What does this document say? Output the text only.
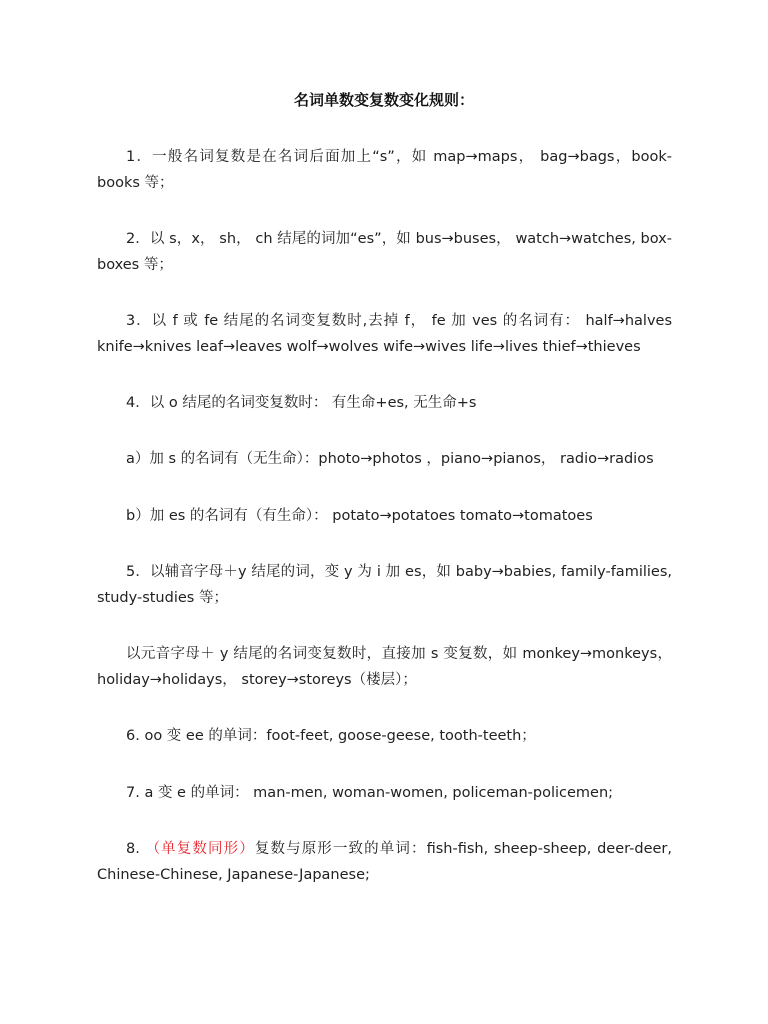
名词单数变复数变化规则：
1．一般名词复数是在名词后面加上“s”，如 map→maps， bag→bags，book-books 等；
2．以 s，x， sh， ch 结尾的词加“es”，如 bus→buses， watch→watches, box-boxes 等；
3．以 f 或 fe 结尾的名词变复数时,去掉 f， fe 加 ves 的名词有： half→halves knife→knives leaf→leaves wolf→wolves wife→wives life→lives thief→thieves
4．以 o 结尾的名词变复数时： 有生命+es, 无生命+s
a）加 s 的名词有（无生命）：photo→photos ，piano→pianos， radio→radios
b）加 es 的名词有（有生命）： potato→potatoes tomato→tomatoes
5．以辅音字母＋y 结尾的词，变 y 为 i 加 es，如 baby→babies, family-families, study-studies 等；
以元音字母＋ y 结尾的名词变复数时，直接加 s 变复数，如 monkey→monkeys，holiday→holidays， storey→storeys（楼层）；
6. oo 变 ee 的单词：foot-feet, goose-geese, tooth-teeth；
7. a 变 e 的单词： man-men, woman-women, policeman-policemen;
8. （单复数同形）复数与原形一致的单词：fish-fish, sheep-sheep, deer-deer, Chinese-Chinese, Japanese-Japanese;
